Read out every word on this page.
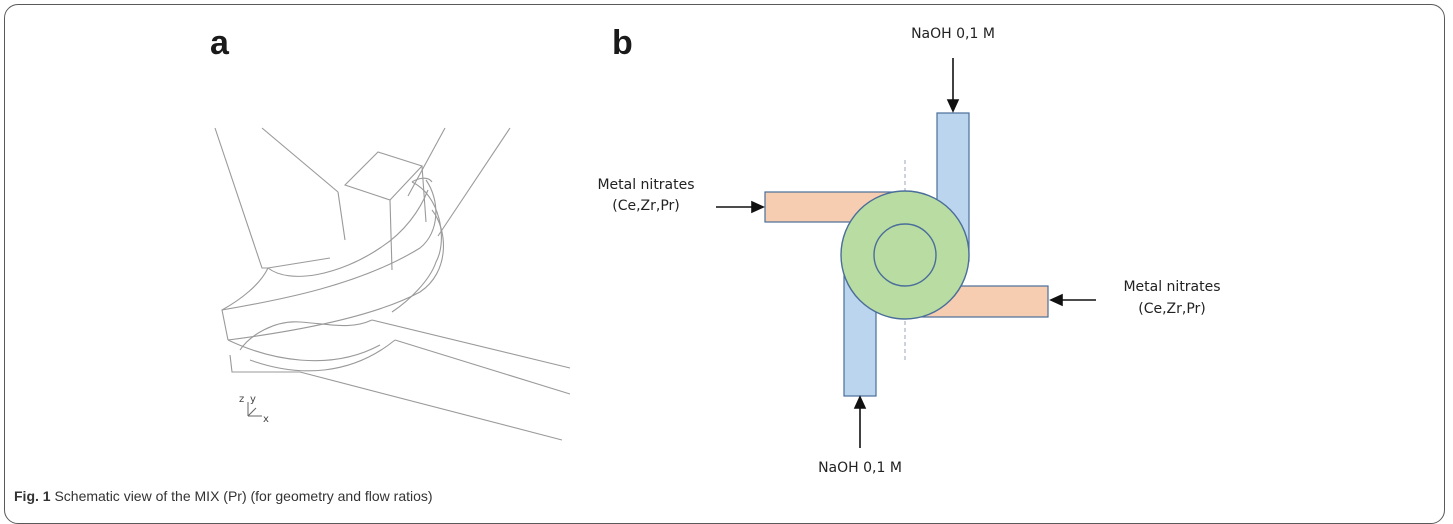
a	b
z y
x
NaOH 0,1 M
NaOH 0,1 M
Metal nitrates
(Ce,Zr,Pr)
Metal nitrates
(Ce,Zr,Pr)
Fig. 1 Schematic view of the MIX (Pr) (for geometry and flow ratios)
